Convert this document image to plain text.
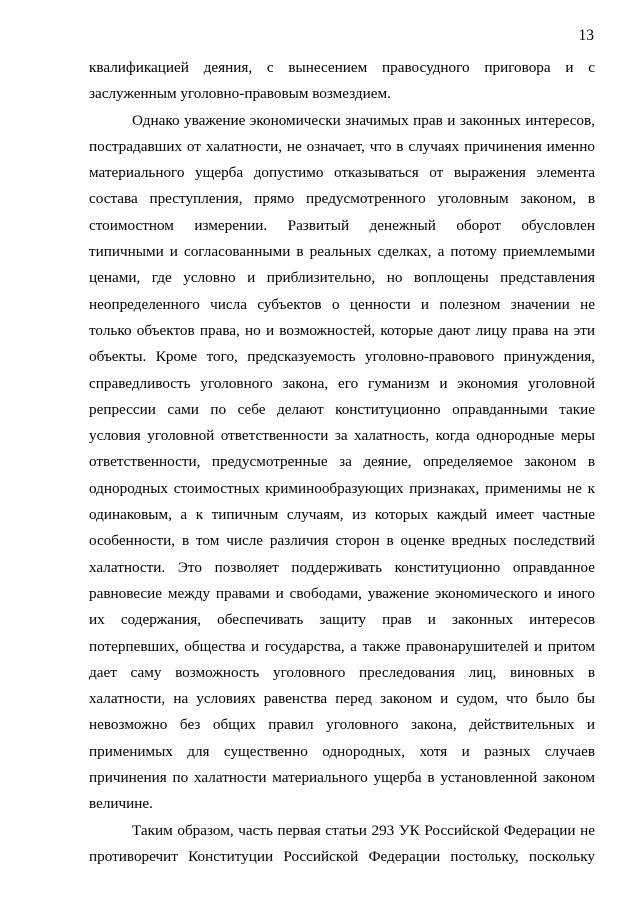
13
квалификацией деяния, с вынесением правосудного приговора и с
заслуженным уголовно-правовым возмездием.
Однако уважение экономически значимых прав и законных интересов,
пострадавших от халатности, не означает, что в случаях причинения именно
материального ущерба допустимо отказываться от выражения элемента
состава преступления, прямо предусмотренного уголовным законом, в
стоимостном измерении. Развитый денежный оборот обусловлен
типичными и согласованными в реальных сделках, а потому приемлемыми
ценами, где условно и приблизительно, но воплощены представления
неопределенного числа субъектов о ценности и полезном значении не
только объектов права, но и возможностей, которые дают лицу права на эти
объекты. Кроме того, предсказуемость уголовно-правового принуждения,
справедливость уголовного закона, его гуманизм и экономия уголовной
репрессии сами по себе делают конституционно оправданными такие
условия уголовной ответственности за халатность, когда однородные меры
ответственности, предусмотренные за деяние, определяемое законом в
однородных стоимостных криминообразующих признаках, применимы не к
одинаковым, а к типичным случаям, из которых каждый имеет частные
особенности, в том числе различия сторон в оценке вредных последствий
халатности. Это позволяет поддерживать конституционно оправданное
равновесие между правами и свободами, уважение экономического и иного
их содержания, обеспечивать защиту прав и законных интересов
потерпевших, общества и государства, а также правонарушителей и притом
дает саму возможность уголовного преследования лиц, виновных в
халатности, на условиях равенства перед законом и судом, что было бы
невозможно без общих правил уголовного закона, действительных и
применимых для существенно однородных, хотя и разных случаев
причинения по халатности материального ущерба в установленной законом
величине.
Таким образом, часть первая статьи 293 УК Российской Федерации не
противоречит Конституции Российской Федерации постольку, поскольку
